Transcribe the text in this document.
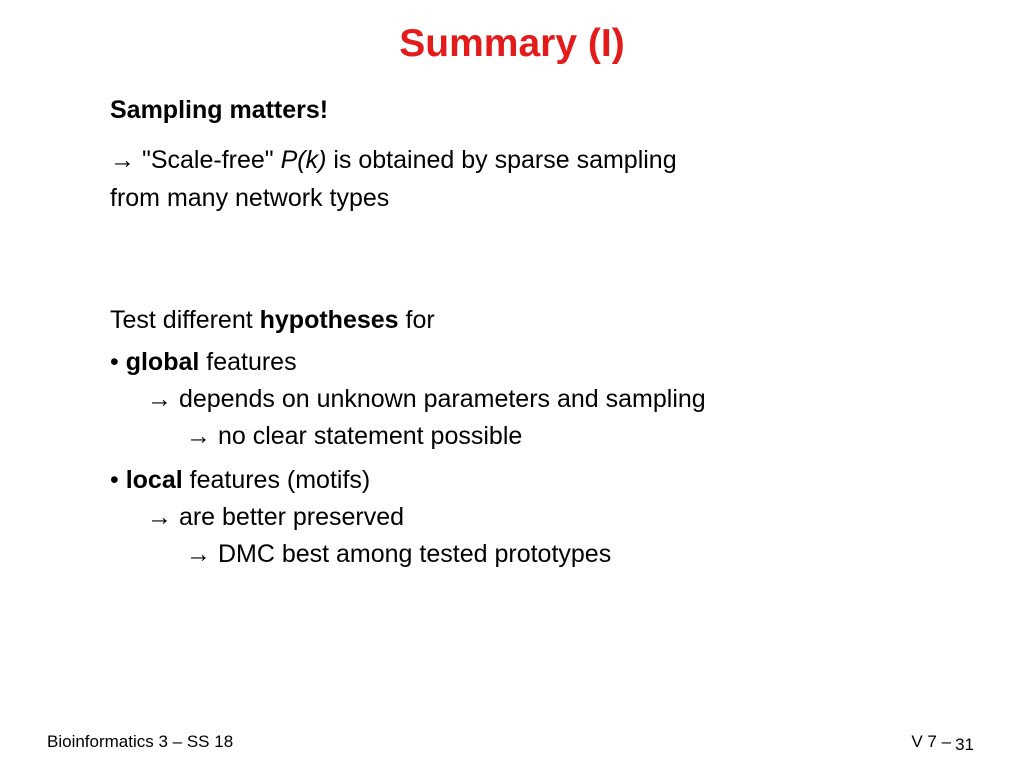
Summary (I)
Sampling matters!
→ "Scale-free" P(k) is obtained by sparse sampling
from many network types
Test different hypotheses for
• global features
→ depends on unknown parameters and sampling
→ no clear statement possible
• local features (motifs)
→ are better preserved
→ DMC best among tested prototypes
Bioinformatics 3 – SS 18	V 7 – 31
